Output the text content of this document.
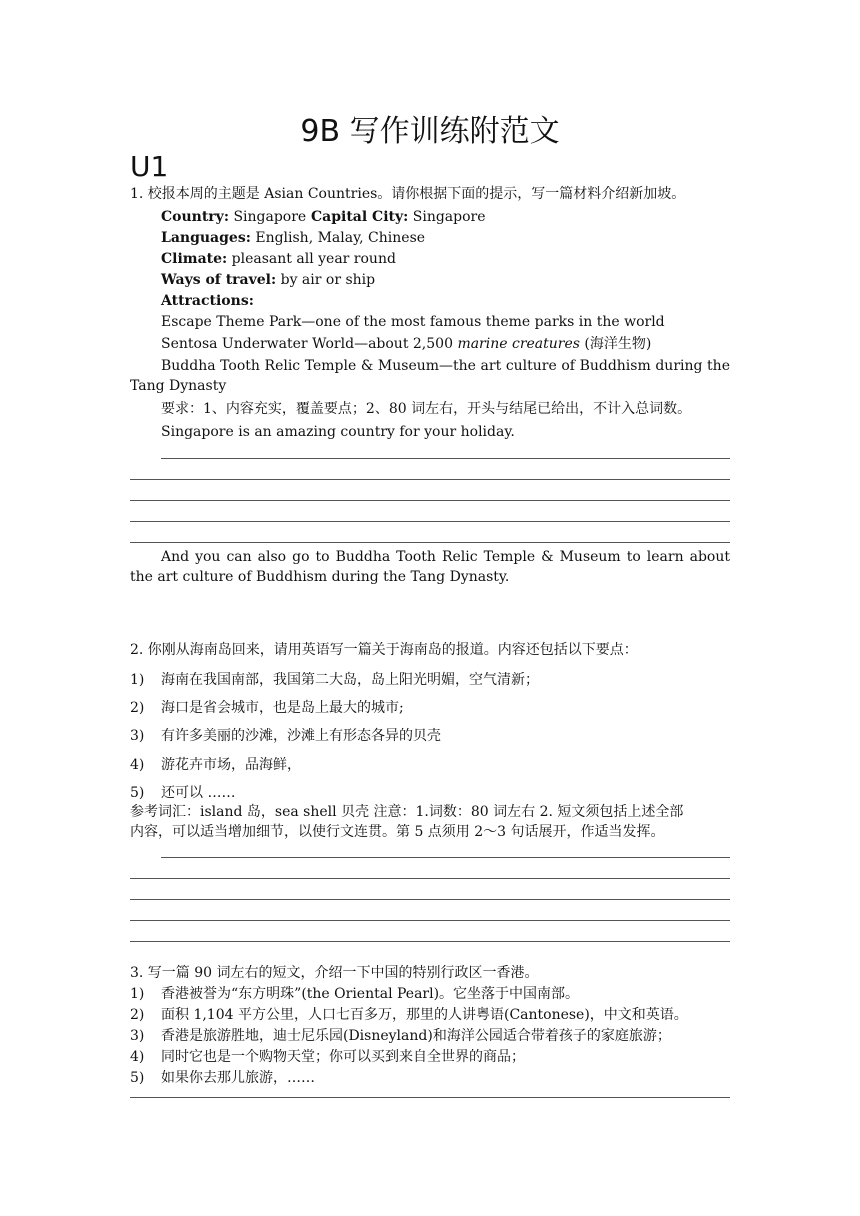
9B 写作训练附范文
U1
1. 校报本周的主题是 Asian Countries。请你根据下面的提示，写一篇材料介绍新加坡。
Country: Singapore Capital City: Singapore
Languages: English, Malay, Chinese
Climate: pleasant all year round
Ways of travel: by air or ship
Attractions:
Escape Theme Park—one of the most famous theme parks in the world
Sentosa Underwater World—about 2,500 marine creatures (海洋生物)
Buddha Tooth Relic Temple & Museum—the art culture of Buddhism during the Tang Dynasty
要求：1、内容充实，覆盖要点；2、80 词左右，开头与结尾已给出，不计入总词数。
Singapore is an amazing country for your holiday.
And you can also go to Buddha Tooth Relic Temple & Museum to learn about the art culture of Buddhism during the Tang Dynasty.
2. 你刚从海南岛回来，请用英语写一篇关于海南岛的报道。内容还包括以下要点：
1) 海南在我国南部，我国第二大岛，岛上阳光明媚，空气清新；
2) 海口是省会城市，也是岛上最大的城市;
3) 有许多美丽的沙滩，沙滩上有形态各异的贝壳
4) 游花卉市场，品海鲜，
5) 还可以 ……
参考词汇：island 岛，sea shell 贝壳 注意：1.词数：80 词左右 2. 短文须包括上述全部
内容，可以适当增加细节，以使行文连贯。第 5 点须用 2～3 句话展开，作适当发挥。
3. 写一篇 90 词左右的短文，介绍一下中国的特别行政区一香港。
1) 香港被誉为“东方明珠”(the Oriental Pearl)。它坐落于中国南部。
2) 面积 1,104 平方公里，人口七百多万，那里的人讲粤语(Cantonese)，中文和英语。
3) 香港是旅游胜地，迪士尼乐园(Disneyland)和海洋公园适合带着孩子的家庭旅游；
4) 同时它也是一个购物天堂；你可以买到来自全世界的商品；
5) 如果你去那儿旅游，……
